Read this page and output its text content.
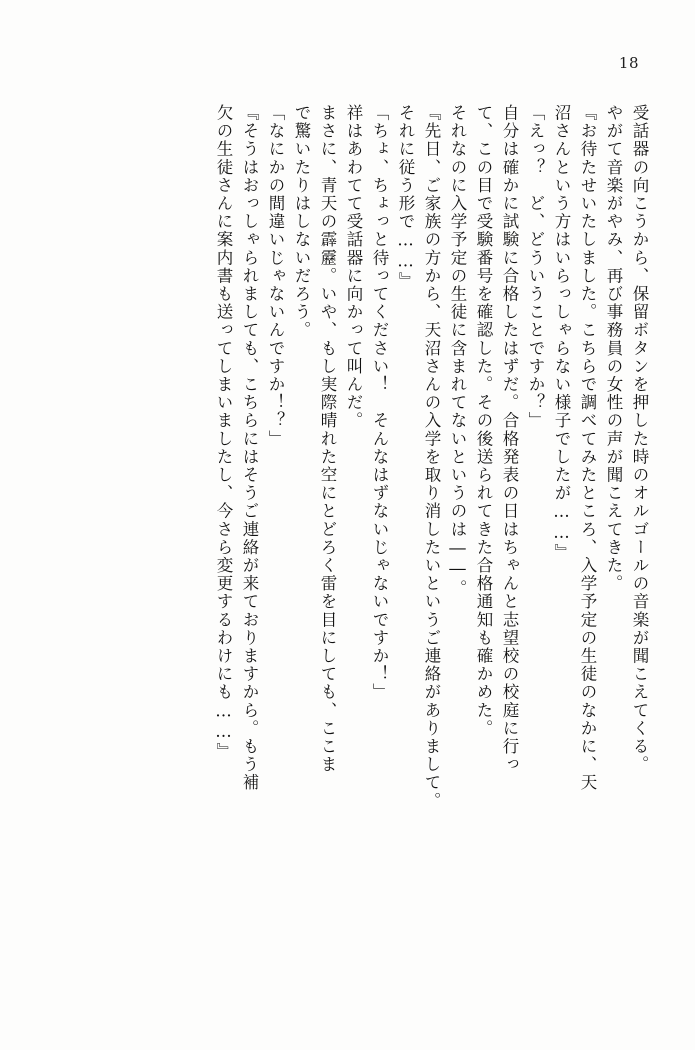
18
受話器の向こうから、保留ボタンを押した時のオルゴールの音楽が聞こえてくる。
やがて音楽がやみ、再び事務員の女性の声が聞こえてきた。
『お待たせいたしました。こちらで調べてみたところ、入学予定の生徒のなかに、天
沼さんという方はいらっしゃらない様子でしたが……』
「えっ？　ど、どういうことですか？」
自分は確かに試験に合格したはずだ。合格発表の日はちゃんと志望校の校庭に行っ
て、この目で受験番号を確認した。その後送られてきた合格通知も確かめた。
それなのに入学予定の生徒に含まれてないというのは――。
『先日、ご家族の方から、天沼さんの入学を取り消したいというご連絡がありまして。
それに従う形で……』
「ちょ、ちょっと待ってください！　そんなはずないじゃないですか！」
祥はあわてて受話器に向かって叫んだ。
まさに、青天の霹靂。いや、もし実際晴れた空にとどろく雷を目にしても、ここま
で驚いたりはしないだろう。
「なにかの間違いじゃないんですか！？」
『そうはおっしゃられましても、こちらにはそうご連絡が来ておりますから。もう補
欠の生徒さんに案内書も送ってしまいましたし、今さら変更するわけにも……』
